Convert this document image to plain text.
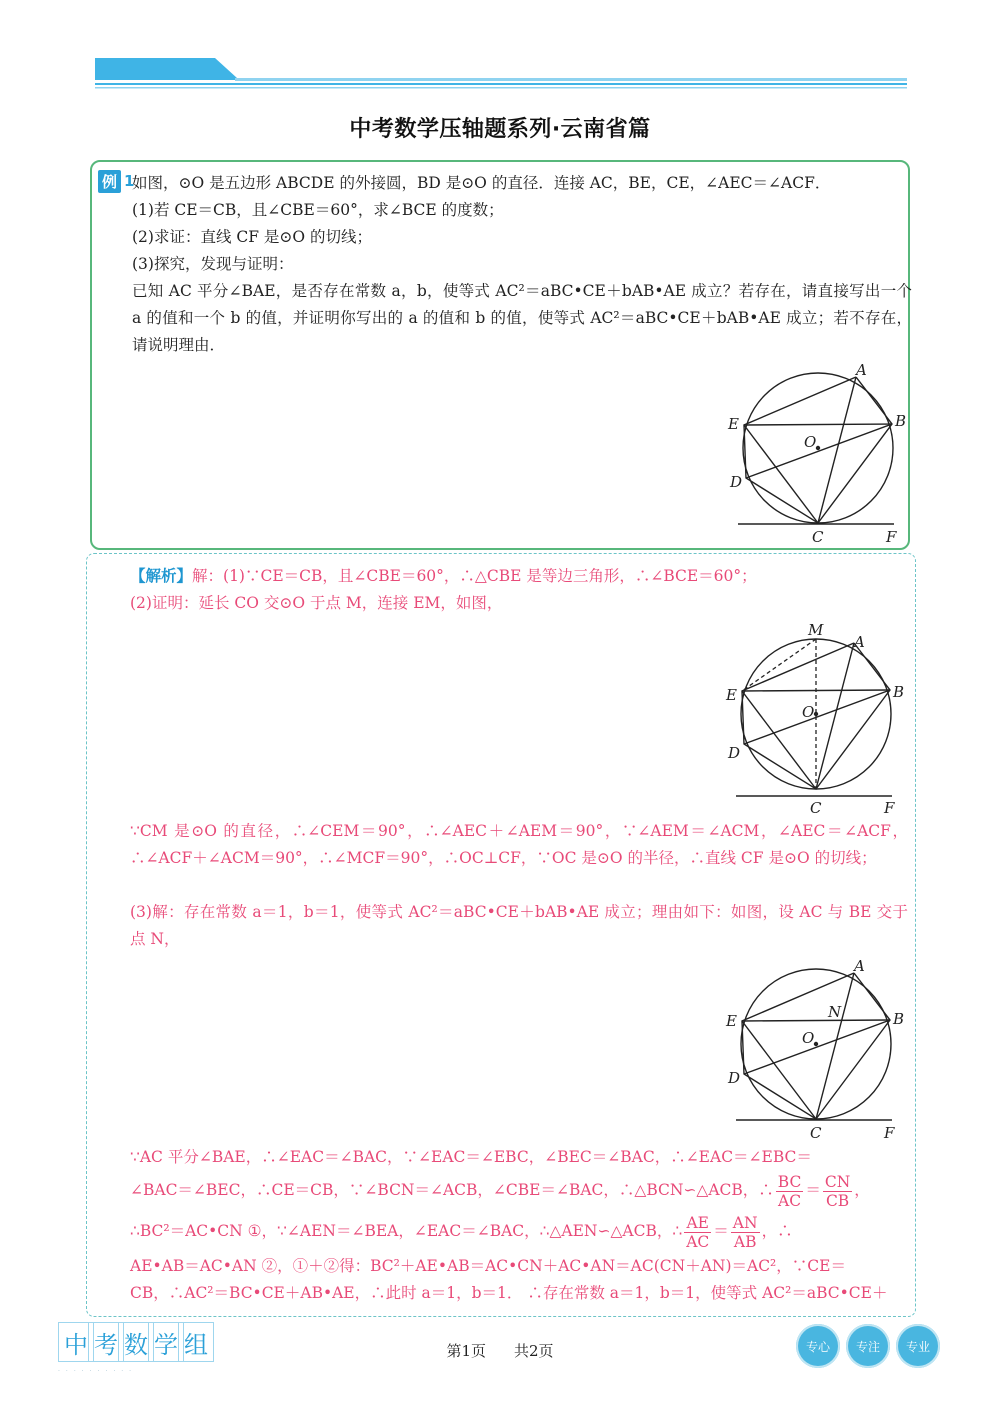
中考数学压轴题系列·云南省篇
例 1
如图，⊙O 是五边形 ABCDE 的外接圆，BD 是⊙O 的直径．连接 AC，BE，CE，∠AEC＝∠ACF．
(1)若 CE＝CB，且∠CBE＝60°，求∠BCE 的度数；
(2)求证：直线 CF 是⊙O 的切线；
(3)探究，发现与证明：
已知 AC 平分∠BAE，是否存在常数 a，b，使等式 AC²＝aBC•CE＋bAB•AE 成立？若存在，请直接写出一个 a 的值和一个 b 的值，并证明你写出的 a 的值和 b 的值，使等式 AC²＝aBC•CE＋bAB•AE 成立；若不存在，请说明理由．
A
B
E
O
D
C	F
【解析】解：(1)∵CE＝CB，且∠CBE＝60°，∴△CBE 是等边三角形，∴∠BCE＝60°；
(2)证明：延长 CO 交⊙O 于点 M，连接 EM，如图，
M
A
B
E
O
D
C	F
∵CM 是⊙O 的直径，∴∠CEM＝90°，∴∠AEC＋∠AEM＝90°，∵∠AEM＝∠ACM，∠AEC＝∠ACF，∴∠ACF＋∠ACM＝90°，∴∠MCF＝90°，∴OC⊥CF，∵OC 是⊙O 的半径，∴直线 CF 是⊙O 的切线；
(3)解：存在常数 a＝1，b＝1，使等式 AC²＝aBC•CE＋bAB•AE 成立；理由如下：如图，设 AC 与 BE 交于点 N，
A
N	B
E
O
D
C	F
∵AC 平分∠BAE，∴∠EAC＝∠BAC，∵∠EAC＝∠EBC，∠BEC＝∠BAC，∴∠EAC＝∠EBC＝
∠BAC＝∠BEC，∴CE＝CB，∵∠BCN＝∠ACB，∠CBE＝∠BAC，∴△BCN∽△ACB，∴ $\frac{BC}{AC} = \frac{CN}{CB}$ ，
∴BC²＝AC•CN ①，∵∠AEN＝∠BEA，∠EAC＝∠BAC，∴△AEN∽△ACB，∴ $\frac{AE}{AC} = \frac{AN}{AB}$ ，∴
AE•AB＝AC•AN ②，①＋②得：BC²＋AE•AB＝AC•CN＋AC•AN＝AC(CN＋AN)＝AC²，∵CE＝
CB，∴AC²＝BC•CE＋AB•AE，∴此时 a＝1，b＝1． ∴存在常数 a＝1，b＝1，使等式 AC²＝aBC•CE＋
中 考 数 学 组
··········
第1页 共2页	专心	专注	专业
